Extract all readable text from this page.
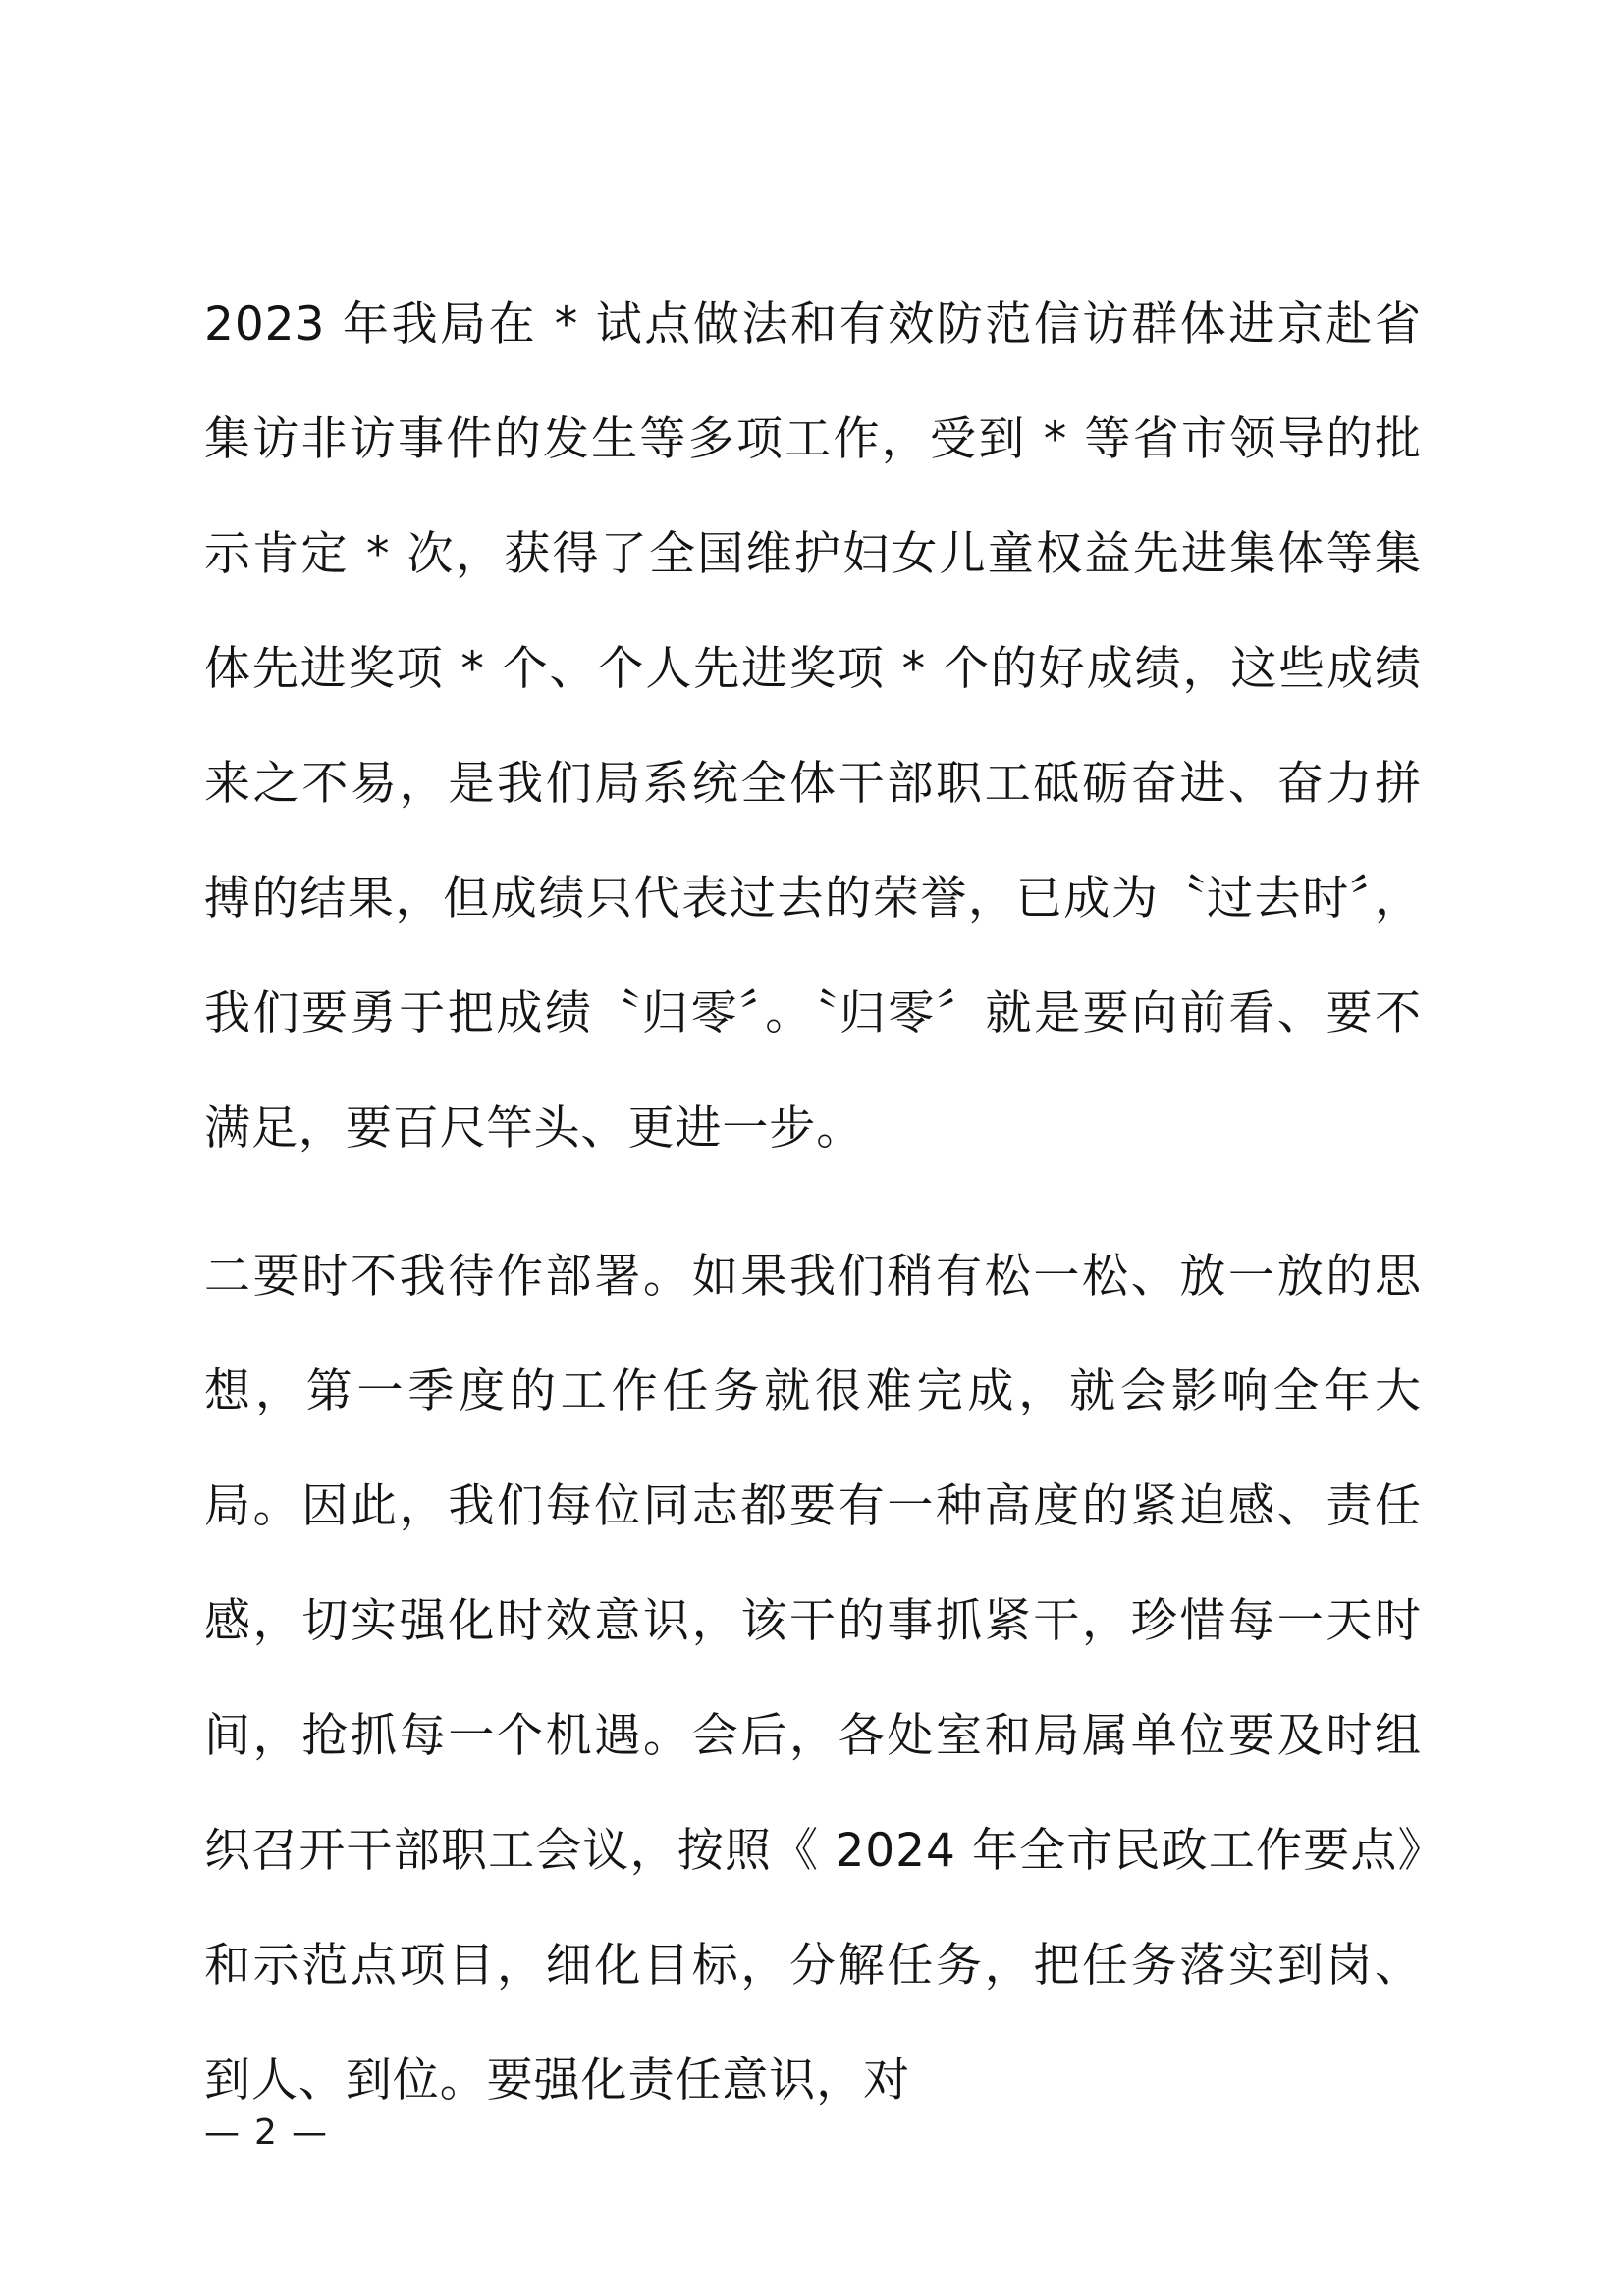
2023 年我局在 * 试点做法和有效防范信访群体进京赴省集访非访事件的发生等多项工作，受到 * 等省市领导的批示肯定 * 次，获得了全国维护妇女儿童权益先进集体等集体先进奖项 * 个、个人先进奖项 * 个的好成绩，这些成绩来之不易，是我们局系统全体干部职工砥砺奋进、奋力拼搏的结果，但成绩只代表过去的荣誉，已成为〝过去时〞，我们要勇于把成绩〝归零〞。〝归零〞就是要向前看、要不满足，要百尺竿头、更进一步。

二要时不我待作部署。如果我们稍有松一松、放一放的思想，第一季度的工作任务就很难完成，就会影响全年大局。因此，我们每位同志都要有一种高度的紧迫感、责任感，切实强化时效意识，该干的事抓紧干，珍惜每一天时间，抢抓每一个机遇。会后，各处室和局属单位要及时组织召开干部职工会议，按照《 2024 年全市民政工作要点》和示范点项目，细化目标，分解任务，把任务落实到岗、到人、到位。要强化责任意识，对

— 2 —
